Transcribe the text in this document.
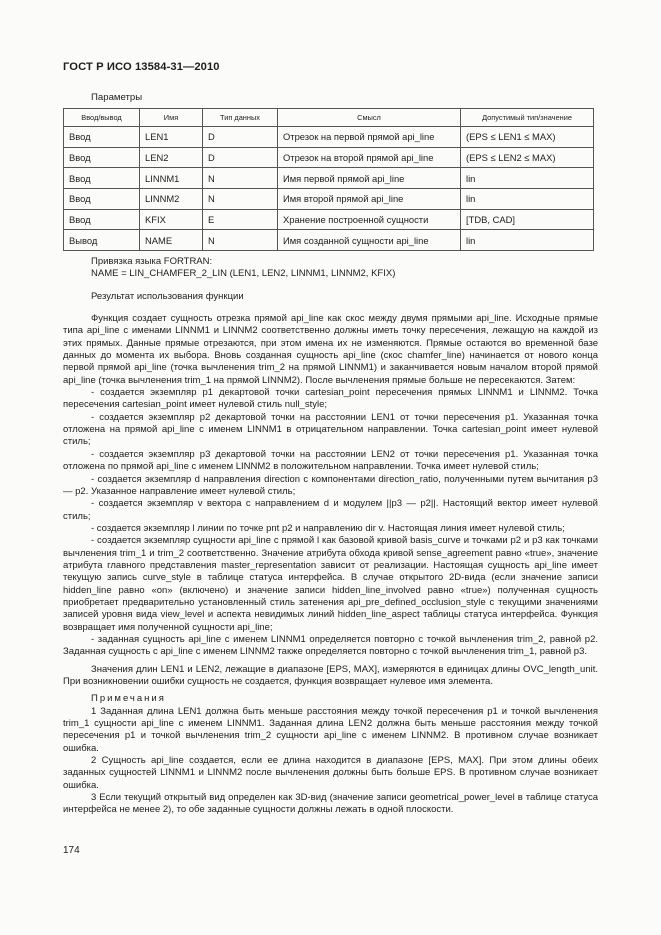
ГОСТ Р ИСО 13584-31—2010
Параметры
Ввод/вывод	Имя	Тип данных	Смысл	Допустимый тип/значение
Ввод	LEN1	D	Отрезок на первой прямой api_line	(EPS ≤ LEN1 ≤ MAX)
Ввод	LEN2	D	Отрезок на второй прямой api_line	(EPS ≤ LEN2 ≤ MAX)
Ввод	LINNM1	N	Имя первой прямой api_line	lin
Ввод	LINNM2	N	Имя второй прямой api_line	lin
Ввод	KFIX	E	Хранение построенной сущности	[TDB, CAD]
Вывод	NAME	N	Имя созданной сущности api_line	lin

Привязка языка FORTRAN:

NAME = LIN_CHAMFER_2_LIN (LEN1, LEN2, LINNM1, LINNM2, KFIX)

Результат использования функции

Функция создает сущность отрезка прямой api_line как скос между двумя прямыми api_line. Исходные прямые типа api_line с именами LINNM1 и LINNM2 соответственно должны иметь точку пересечения, лежащую на каждой из этих прямых. Данные прямые отрезаются, при этом имена их не изменяются. Прямые остаются во временной базе данных до момента их выбора. Вновь созданная сущность api_line (скос chamfer_line) начинается от нового конца первой прямой api_line (точка вычленения trim_2 на прямой LINNM1) и заканчивается новым началом второй прямой api_line (точка вычленения trim_1 на прямой LINNM2). После вычленения прямые больше не пересекаются. Затем:

- создается экземпляр p1 декартовой точки cartesian_point пересечения прямых LINNM1 и LINNM2. Точка пересечения cartesian_point имеет нулевой стиль null_style;

- создается экземпляр p2 декартовой точки на расстоянии LEN1 от точки пересечения p1. Указанная точка отложена на прямой api_line с именем LINNM1 в отрицательном направлении. Точка cartesian_point имеет нулевой стиль;

- создается экземпляр p3 декартовой точки на расстоянии LEN2 от точки пересечения p1. Указанная точка отложена по прямой api_line с именем LINNM2 в положительном направлении. Точка имеет нулевой стиль;

- создается экземпляр d направления direction с компонентами direction_ratio, полученными путем вычитания p3 — p2. Указанное направление имеет нулевой стиль;

- создается экземпляр v вектора с направлением d и модулем ||p3 — p2||. Настоящий вектор имеет нулевой стиль;

- создается экземпляр l линии по точке pnt p2 и направлению dir v. Настоящая линия имеет нулевой стиль;

- создается экземпляр сущности api_line с прямой l как базовой кривой basis_curve и точками p2 и p3 как точками вычленения trim_1 и trim_2 соответственно. Значение атрибута обхода кривой sense_agreement равно «true», значение атрибута главного представления master_representation зависит от реализации. Настоящая сущность api_line имеет текущую запись curve_style в таблице статуса интерфейса. В случае открытого 2D-вида (если значение записи hidden_line равно «on» (включено) и значение записи hidden_line_involved равно «true») полученная сущность приобретает предварительно установленный стиль затенения api_pre_defined_occlusion_style с текущими значениями записей уровня вида view_level и аспекта невидимых линий hidden_line_aspect таблицы статуса интерфейса. Функция возвращает имя полученной сущности api_line;

- заданная сущность api_line с именем LINNM1 определяется повторно с точкой вычленения trim_2, равной p2. Заданная сущность с api_line с именем LINNM2 также определяется повторно с точкой вычленения trim_1, равной p3.

Значения длин LEN1 и LEN2, лежащие в диапазоне [EPS, MAX], измеряются в единицах длины OVC_length_unit. При возникновении ошибки сущность не создается, функция возвращает нулевое имя элемента.

Примечания

1 Заданная длина LEN1 должна быть меньше расстояния между точкой пересечения p1 и точкой вычленения trim_1 сущности api_line с именем LINNM1. Заданная длина LEN2 должна быть меньше расстояния между точкой пересечения p1 и точкой вычленения trim_2 сущности api_line с именем LINNM2. В противном случае возникает ошибка.

2 Сущность api_line создается, если ее длина находится в диапазоне [EPS, MAX]. При этом длины обеих заданных сущностей LINNM1 и LINNM2 после вычленения должны быть больше EPS. В противном случае возникает ошибка.

3 Если текущий открытый вид определен как 3D-вид (значение записи geometrical_power_level в таблице статуса интерфейса не менее 2), то обе заданные сущности должны лежать в одной плоскости.

174
